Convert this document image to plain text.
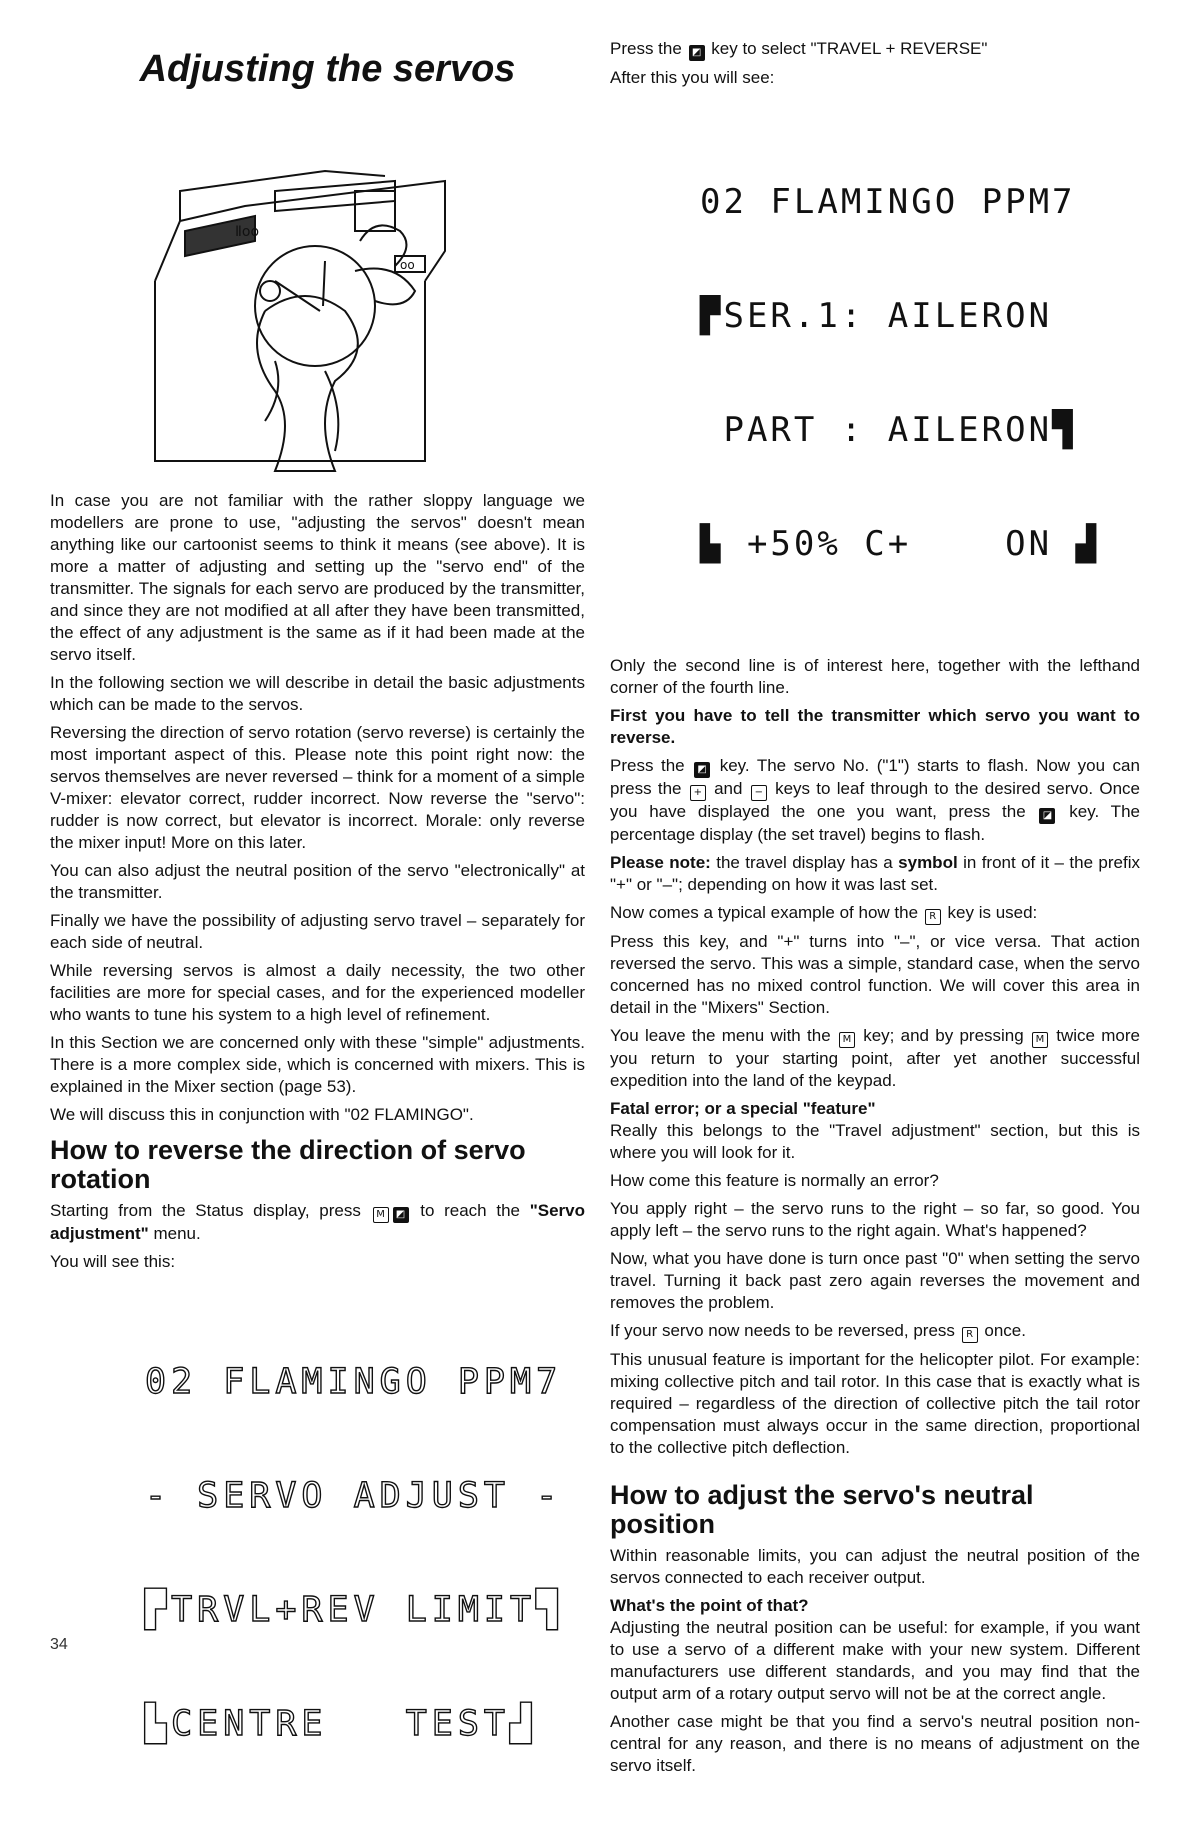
Adjusting the servos
Ⅱoo
oo

In case you are not familiar with the rather sloppy language we modellers are prone to use, "adjusting the servos" doesn't mean anything like our cartoonist seems to think it means (see above). It is more a matter of adjusting and setting up the "servo end" of the transmitter. The signals for each servo are produced by the transmitter, and since they are not modified at all after they have been transmitted, the effect of any adjustment is the same as if it had been made at the servo itself.

In the following section we will describe in detail the basic adjustments which can be made to the servos.

Reversing the direction of servo rotation (servo reverse) is certainly the most important aspect of this. Please note this point right now: the servos themselves are never reversed – think for a moment of a simple V-mixer: elevator correct, rudder incorrect. Now reverse the "servo": rudder is now correct, but elevator is incorrect. Morale: only reverse the mixer input! More on this later.

You can also adjust the neutral position of the servo "electronically" at the transmitter.

Finally we have the possibility of adjusting servo travel – separately for each side of neutral.

While reversing servos is almost a daily necessity, the two other facilities are more for special cases, and for the experienced modeller who wants to tune his system to a high level of refinement.

In this Section we are concerned only with these "simple" adjustments. There is a more complex side, which is concerned with mixers. This is explained in the Mixer section (page 53).

We will discuss this in conjunction with "02 FLAMINGO".

How to reverse the direction of servo rotation

Starting from the Status display, press M ◩ to reach the "Servo adjustment" menu.

You will see this:

02 FLAMINGO PPM7

- SERVO ADJUST -

▛TRVL+REV LIMIT▜

▙CENTRE   TEST▟

Press the ◩ key to select "TRAVEL + REVERSE"

After this you will see:

02 FLAMINGO PPM7

▛SER.1: AILERON

PART : AILERON▜

▙ +50% C+    ON ▟

Only the second line is of interest here, together with the lefthand corner of the fourth line.

First you have to tell the transmitter which servo you want to reverse.

Press the ◩ key. The servo No. ("1") starts to flash. Now you can press the + and − keys to leaf through to the desired servo. Once you have displayed the one you want, press the ◪ key. The percentage display (the set travel) begins to flash.

Please note: the travel display has a symbol in front of it – the prefix "+" or "–"; depending on how it was last set.

Now comes a typical example of how the R key is used:

Press this key, and "+" turns into "–", or vice versa. That action reversed the servo. This was a simple, standard case, when the servo concerned has no mixed control function. We will cover this area in detail in the "Mixers" Section.

You leave the menu with the M key; and by pressing M twice more you return to your starting point, after yet another successful expedition into the land of the keypad.

Fatal error; or a special "feature"

Really this belongs to the "Travel adjustment" section, but this is where you will look for it.

How come this feature is normally an error?

You apply right – the servo runs to the right – so far, so good. You apply left – the servo runs to the right again. What's happened?

Now, what you have done is turn once past "0" when setting the servo travel. Turning it back past zero again reverses the movement and removes the problem.

If your servo now needs to be reversed, press R once.

This unusual feature is important for the helicopter pilot. For example: mixing collective pitch and tail rotor. In this case that is exactly what is required – regardless of the direction of collective pitch the tail rotor compensation must always occur in the same direction, proportional to the collective pitch deflection.

How to adjust the servo's neutral position

Within reasonable limits, you can adjust the neutral position of the servos connected to each receiver output.

What's the point of that?

Adjusting the neutral position can be useful: for example, if you want to use a servo of a different make with your new system. Different manufacturers use different standards, and you may find that the output arm of a rotary output servo will not be at the correct angle.

Another case might be that you find a servo's neutral position non-central for any reason, and there is no means of adjustment on the servo itself.

34
